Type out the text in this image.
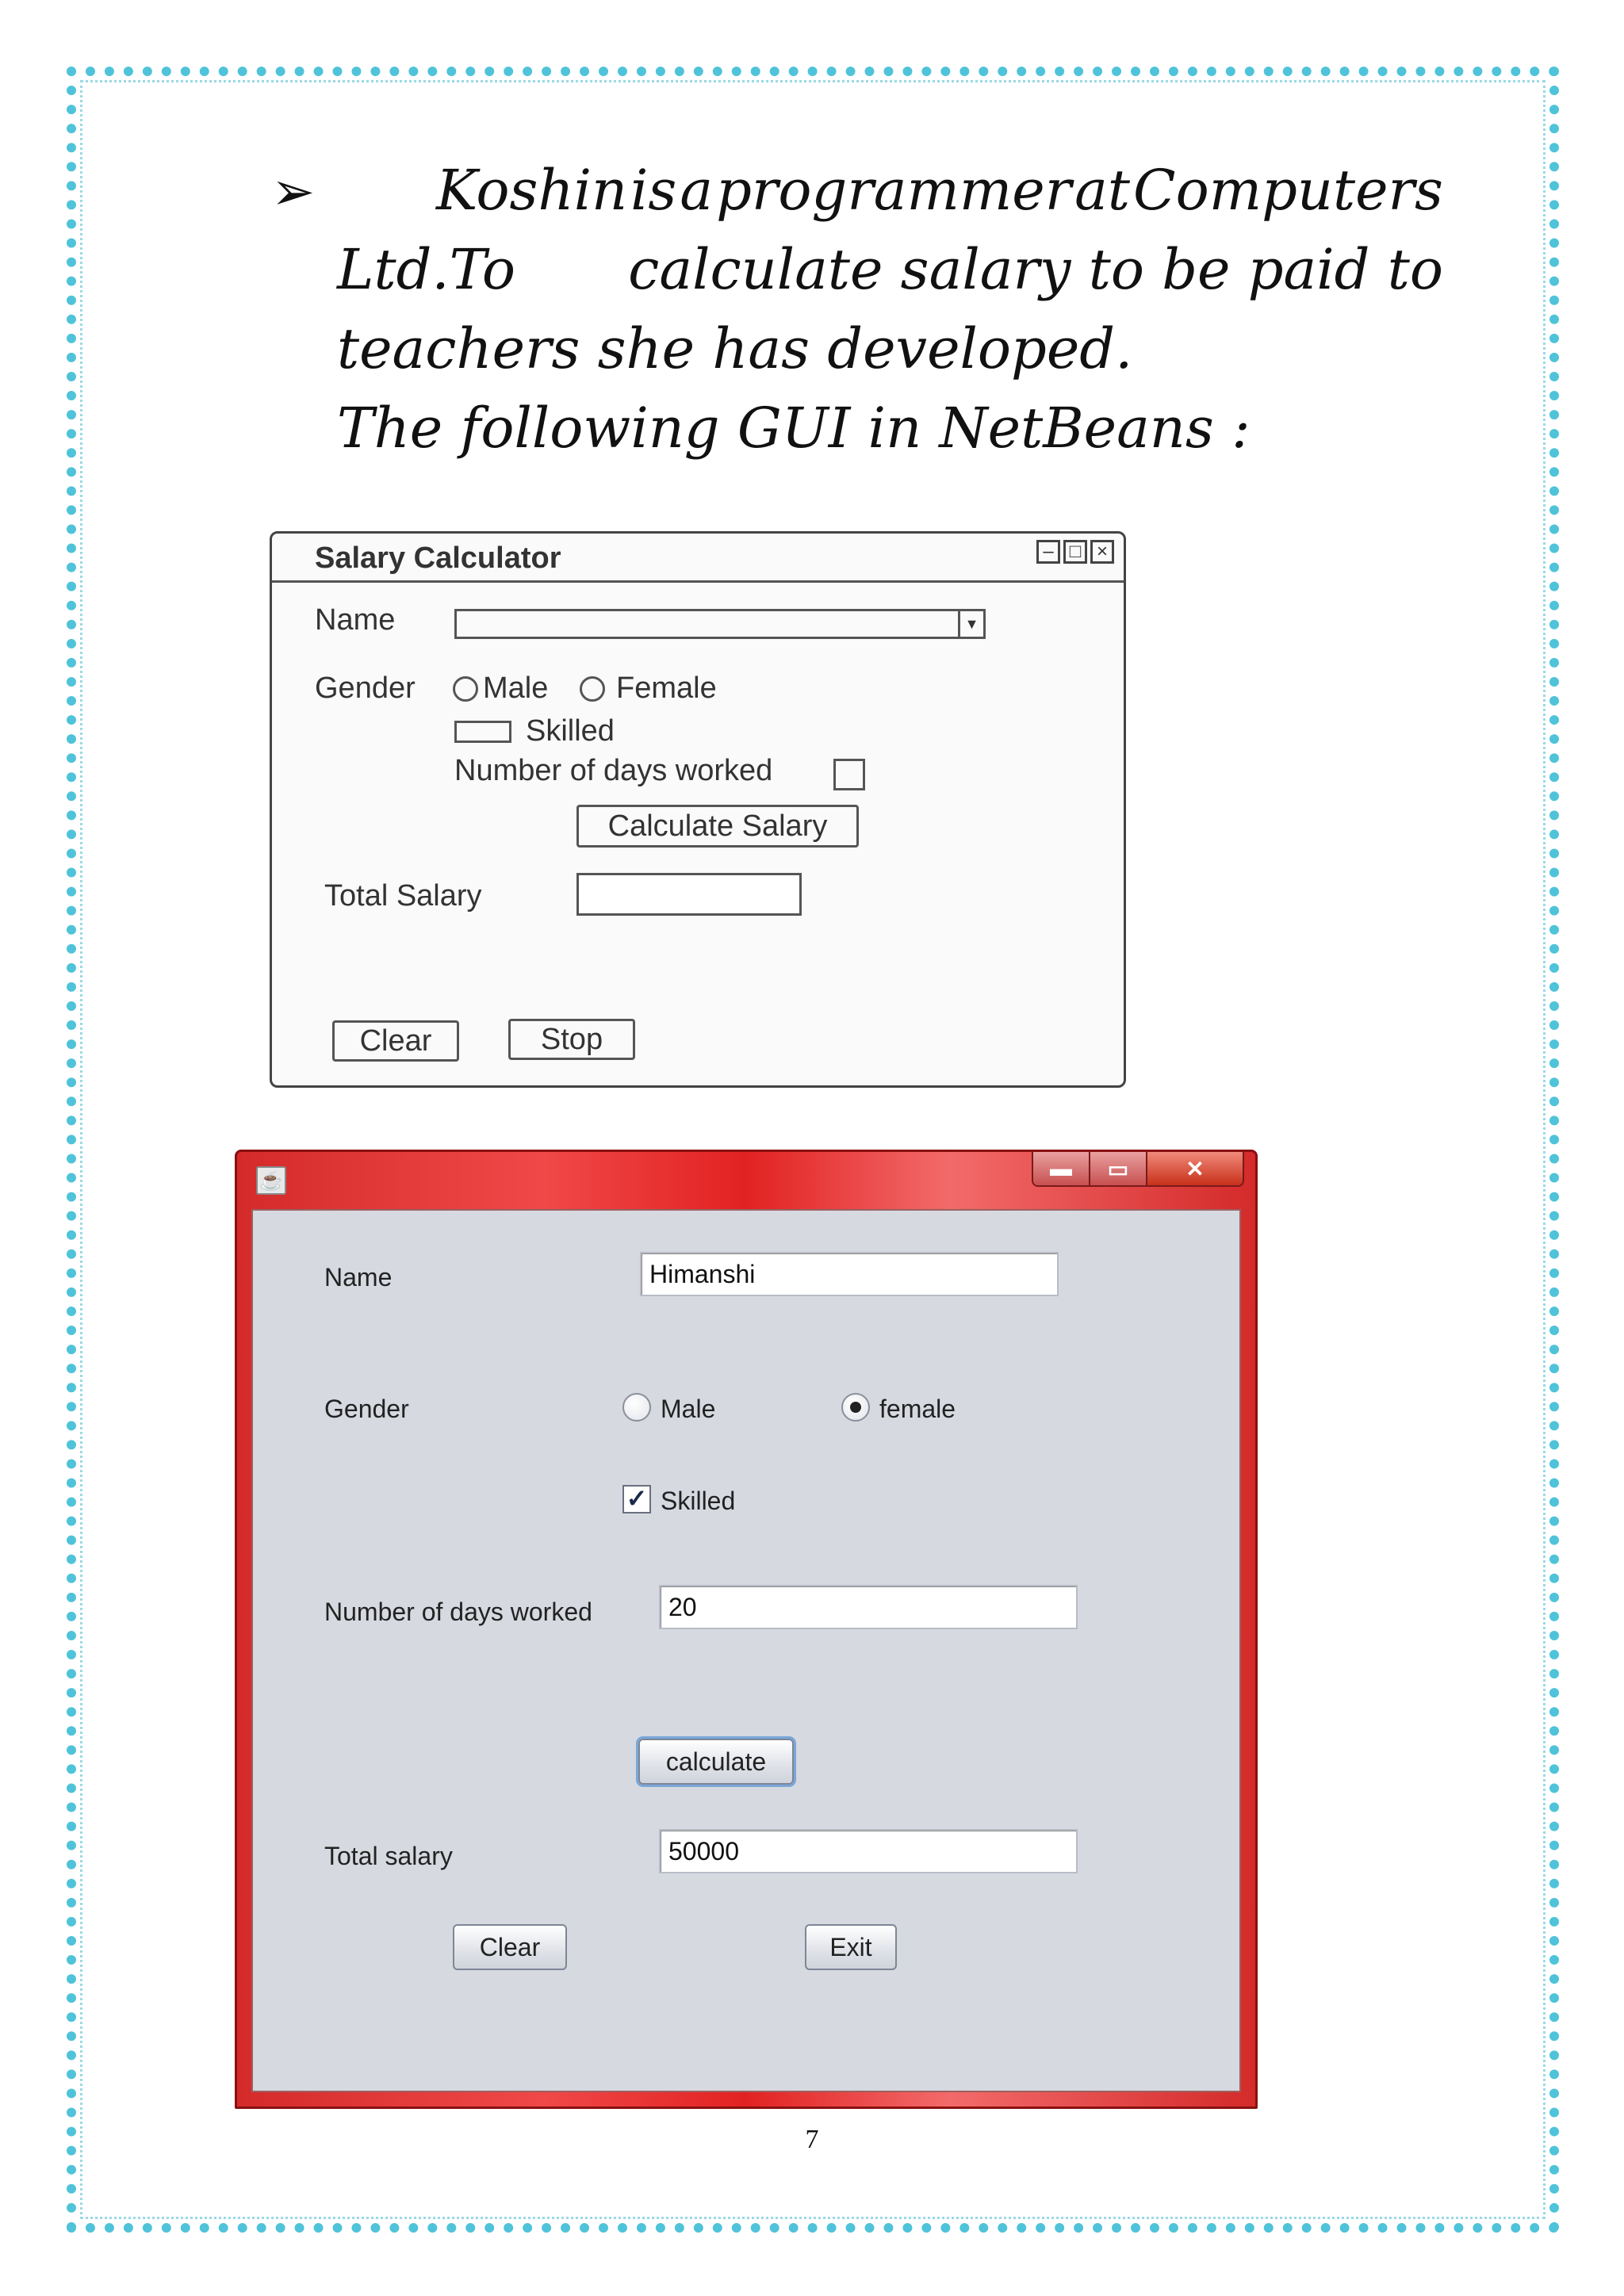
➢ Koshin is a programmer at Computers
Ltd.To calculate salary to be paid to
teachers she has developed.
The following GUI in NetBeans :
Salary Calculator	– □ ×
Name	▼
Gender Male Female
Skilled
Number of days worked
Calculate Salary
Total Salary
Clear	Stop
☕	▬	▭	✕
Name	Himanshi
Gender	Male	female
✓ Skilled
Number of days worked	20
calculate
Total salary	50000
Clear	Exit
7
